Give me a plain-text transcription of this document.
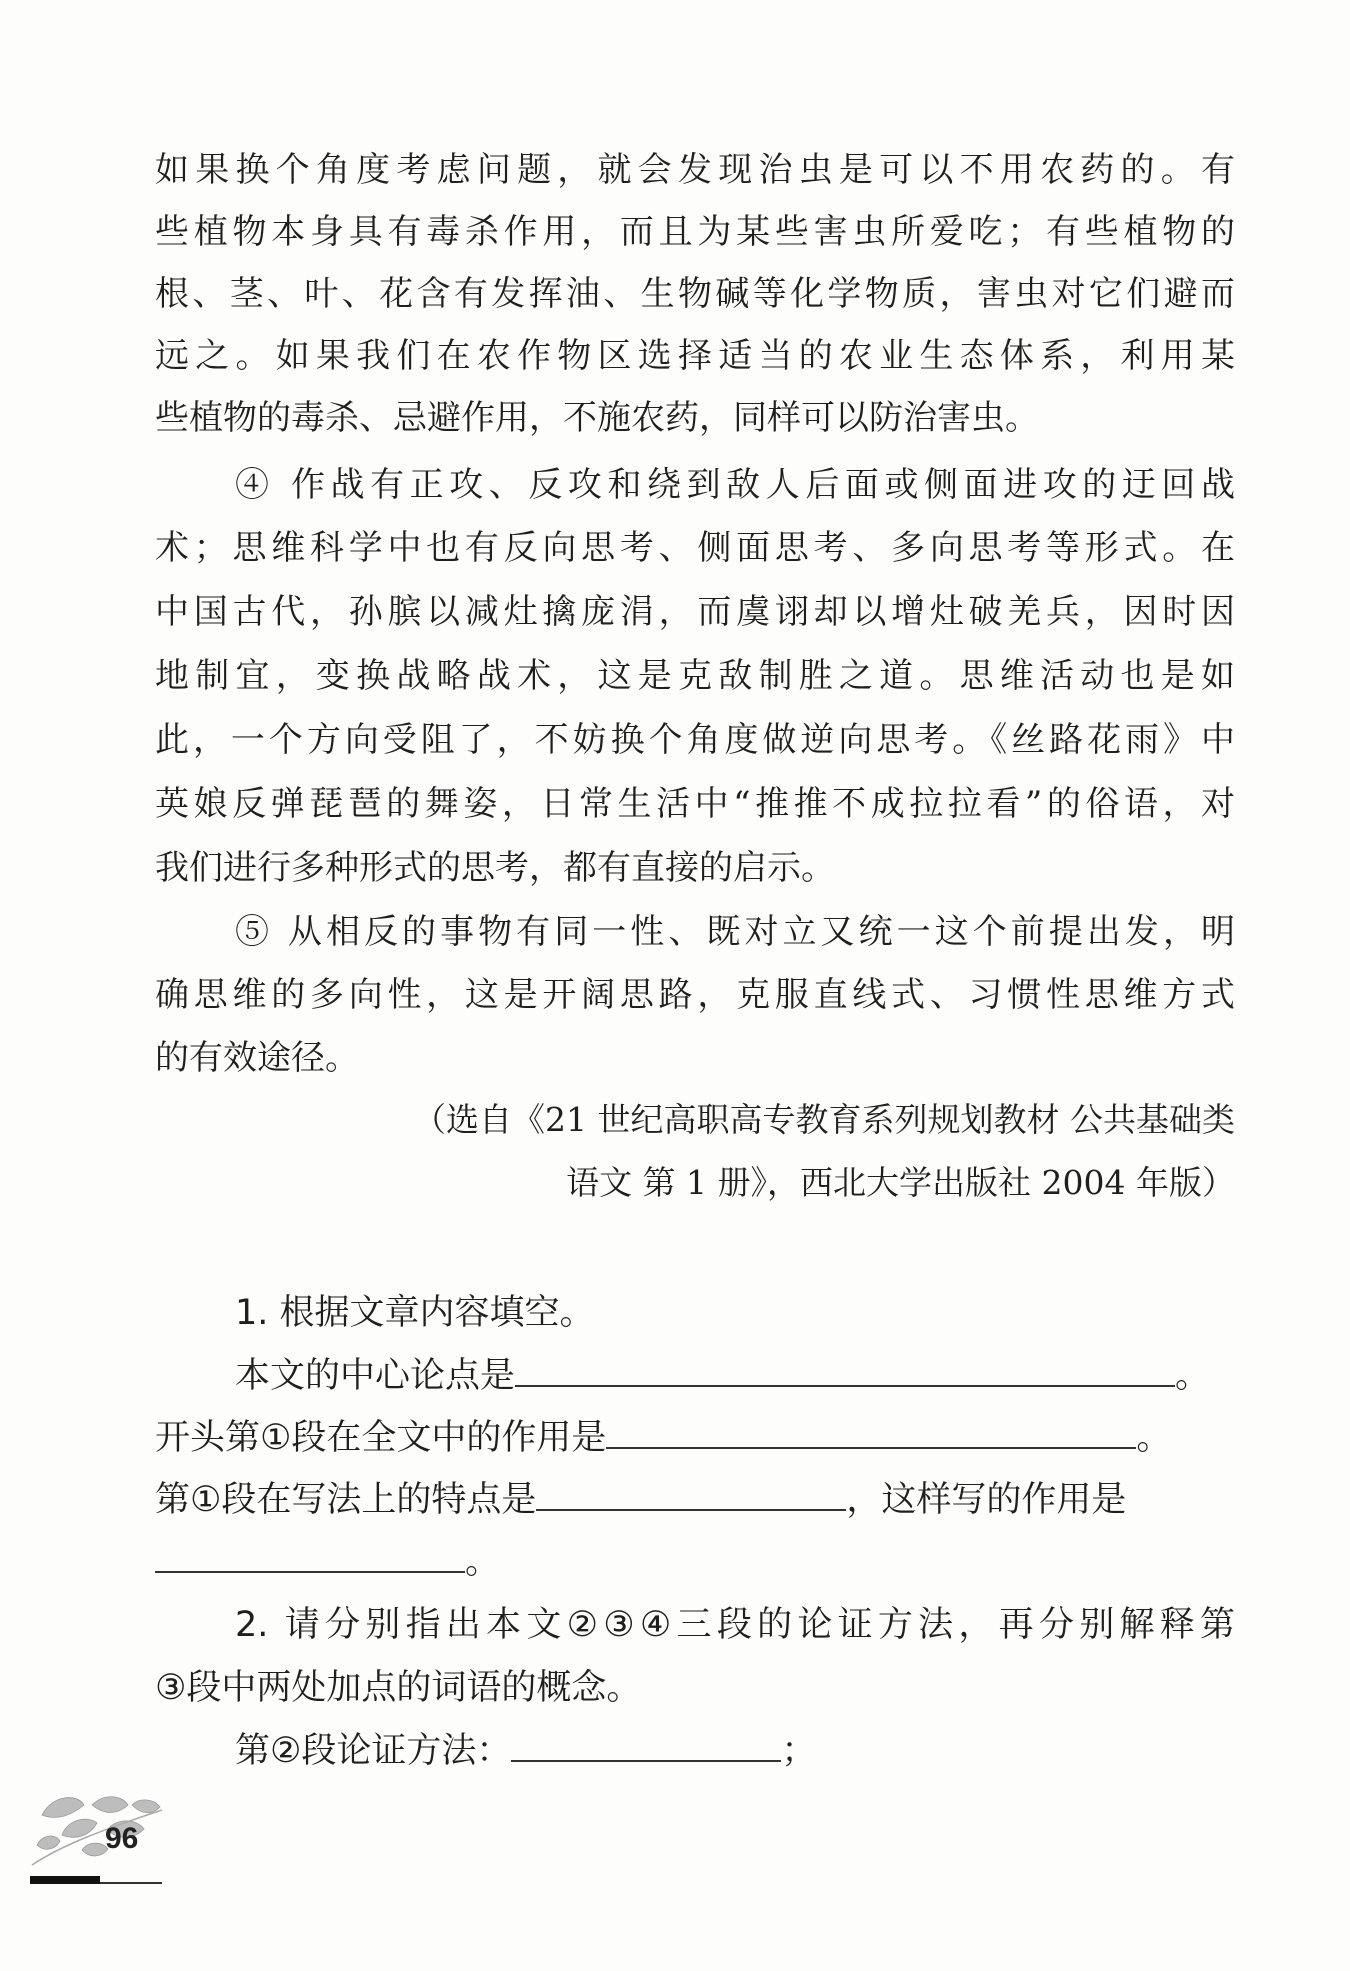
如果换个角度考虑问题，就会发现治虫是可以不用农药的。有
些植物本身具有毒杀作用，而且为某些害虫所爱吃；有些植物的
根、茎、叶、花含有发挥油、生物碱等化学物质，害虫对它们避而
远之。如果我们在农作物区选择适当的农业生态体系，利用某
些植物的毒杀、忌避作用，不施农药，同样可以防治害虫。
④ 作战有正攻、反攻和绕到敌人后面或侧面进攻的迂回战
术；思维科学中也有反向思考、侧面思考、多向思考等形式。在
中国古代，孙膑以减灶擒庞涓，而虞诩却以增灶破羌兵，因时因
地制宜，变换战略战术，这是克敌制胜之道。思维活动也是如
此，一个方向受阻了，不妨换个角度做逆向思考。《丝路花雨》中
英娘反弹琵琶的舞姿，日常生活中“推推不成拉拉看”的俗语，对
我们进行多种形式的思考，都有直接的启示。
⑤ 从相反的事物有同一性、既对立又统一这个前提出发，明
确思维的多向性，这是开阔思路，克服直线式、习惯性思维方式
的有效途径。
（选自《21 世纪高职高专教育系列规划教材 公共基础类
语文 第 1 册》，西北大学出版社 2004 年版）
1. 根据文章内容填空。
本文的中心论点是	。
开头第①段在全文中的作用是	。
第①段在写法上的特点是	，这样写的作用是
。
2. 请分别指出本文②③④三段的论证方法，再分别解释第
③段中两处加点的词语的概念。
第②段论证方法：	；
96
